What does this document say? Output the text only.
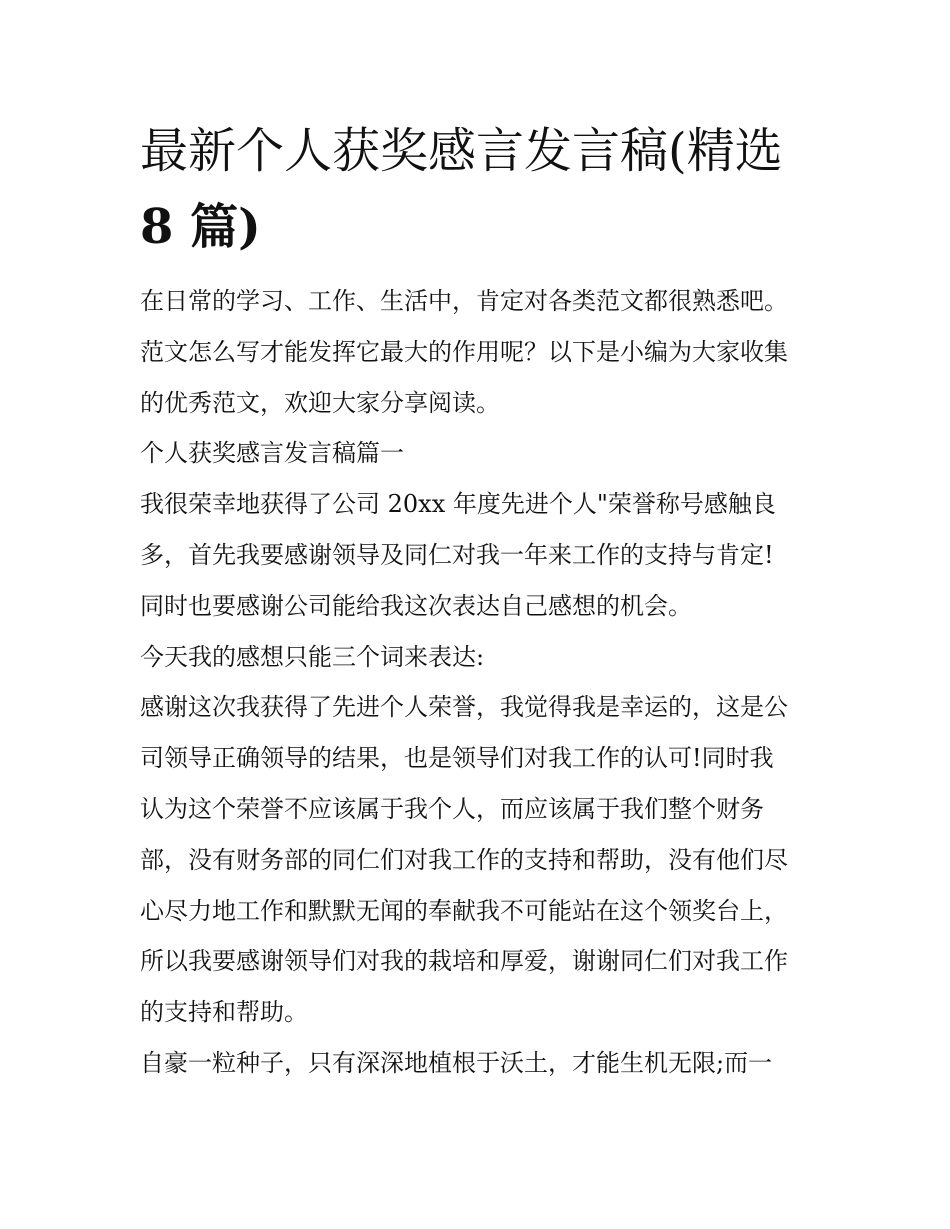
最新个人获奖感言发言稿(精选
8 篇)
在日常的学习、工作、生活中，肯定对各类范文都很熟悉吧。
范文怎么写才能发挥它最大的作用呢？以下是小编为大家收集
的优秀范文，欢迎大家分享阅读。
个人获奖感言发言稿篇一
我很荣幸地获得了公司 20xx 年度先进个人"荣誉称号感触良
多，首先我要感谢领导及同仁对我一年来工作的支持与肯定!
同时也要感谢公司能给我这次表达自己感想的机会。
今天我的感想只能三个词来表达:
感谢这次我获得了先进个人荣誉，我觉得我是幸运的，这是公
司领导正确领导的结果，也是领导们对我工作的认可!同时我
认为这个荣誉不应该属于我个人，而应该属于我们整个财务
部，没有财务部的同仁们对我工作的支持和帮助，没有他们尽
心尽力地工作和默默无闻的奉献我不可能站在这个领奖台上，
所以我要感谢领导们对我的栽培和厚爱，谢谢同仁们对我工作
的支持和帮助。
自豪一粒种子，只有深深地植根于沃土，才能生机无限;而一
